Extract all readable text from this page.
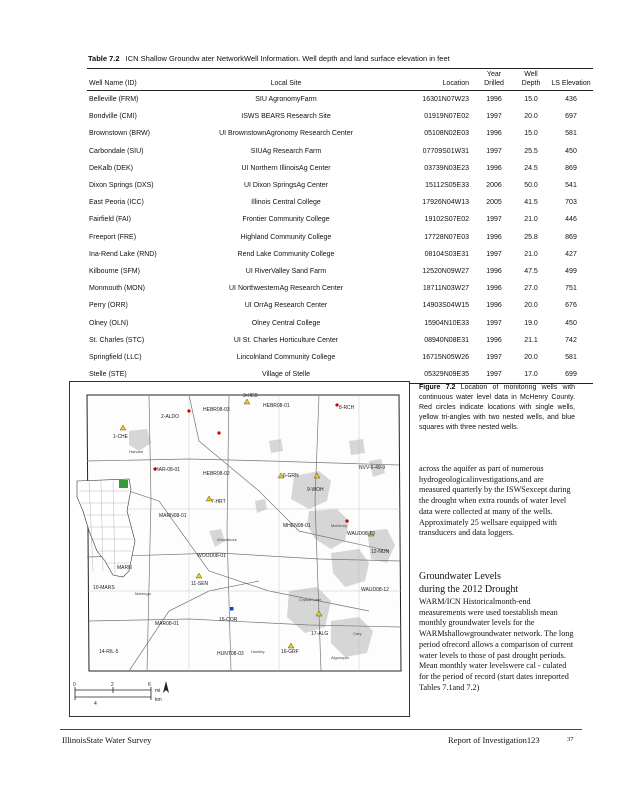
Table 7.2 ICN Shallow Groundw ater NetworkWell Information. Well depth and land surface elevation in feet
Well Name (ID)	Local Site	Location	Year Drilled	Well Depth	LS Elevation
Belleville (FRM)	SIU AgronomyFarm	16301N07W23	1996	15.0	436
Bondville (CMI)	ISWS BEARS Research Site	01919N07E02	1997	20.0	697
Brownstown (BRW)	UI BrownstownAgronomy Research Center	05108N02E03	1996	15.0	581
Carbondale (SIU)	SIUAg Research Farm	07709S01W31	1997	25.5	450
DeKalb (DEK)	UI Northern IllinoisAg Center	03739N03E23	1996	24.5	869
Dixon Springs (DXS)	UI Dixon SpringsAg Center	15112S05E33	2006	50.0	541
East Peoria (ICC)	Illinois Central College	17926N04W13	2005	41.5	703
Fairfield (FAI)	Frontier Community College	19102S07E02	1997	21.0	446
Freeport (FRE)	Highland Community College	17728N07E03	1996	25.8	869
Ina-Rend Lake (RND)	Rend Lake Community College	08104S03E31	1997	21.0	427
Kilbourne (SFM)	UI RiverValley Sand Farm	12520N09W27	1996	47.5	499
Monmouth (MON)	UI NorthwesternAg Research Center	18711N03W27	1996	27.0	751
Perry (ORR)	UI OrrAg Research Center	14903S04W15	1996	20.0	676
Olney (OLN)	Olney Central College	15904N10E33	1997	19.0	450
St. Charles (STC)	UI St. Charles Horticulture Center	08940N08E31	1996	21.1	742
Springfield (LLC)	Lincolnland Community College	16715N05W26	1997	20.0	581
Stelle (STE)	Village of Stelle	05329N09E35	1997	17.0	699
3-HEB
HEBR08-01	8-RCH
HEBR08-03
2-ALDO
1-CHE
HAR-08-01
HEBR08-02	6-GRN
7-HRT
9-WOH
NVV-6-49-9
MARN08-01
MHEN08-01
WAUD08-13
12-NUN
WOOD08-01
MARN
11-SEN
10-MARS	WAUD08-12
15-COR
MAR08-01
17-ALG
14-RIL-5	HUNT08-03	16-GRF
Crystal Lake
Cary
Algonquin
Huntley
Woodstock
Harvard
Marengo
McHenry
0	2
4
6
mi
km
Figure 7.2 Location of monitoring wells with continuous water level data in McHenry County. Red circles indicate locations with single wells, yellow tri-angles with two nested wells, and blue squares with three nested wells.
across the aquifer as part of numerous hydrogeologicalinvestigations,and are measured quarterly by the ISWSexcept during the drought when extra rounds of water level data were collected at many of the wells. Approximately 25 wellsare equipped with transducers and data loggers.
Groundwater Levels
during the 2012 Drought
WARM/ICN Historicalmonth-end measurements were used toestablish mean monthly groundwater levels for the WARMshallowgroundwater network. The long period ofrecord allows a comparison of current water levels to those of past drought periods. Mean monthly water levelswere cal - culated for the period of record (start dates inreported Tables 7.1and 7.2)
IllinoisState Water Survey	Report of Investigation123	37
